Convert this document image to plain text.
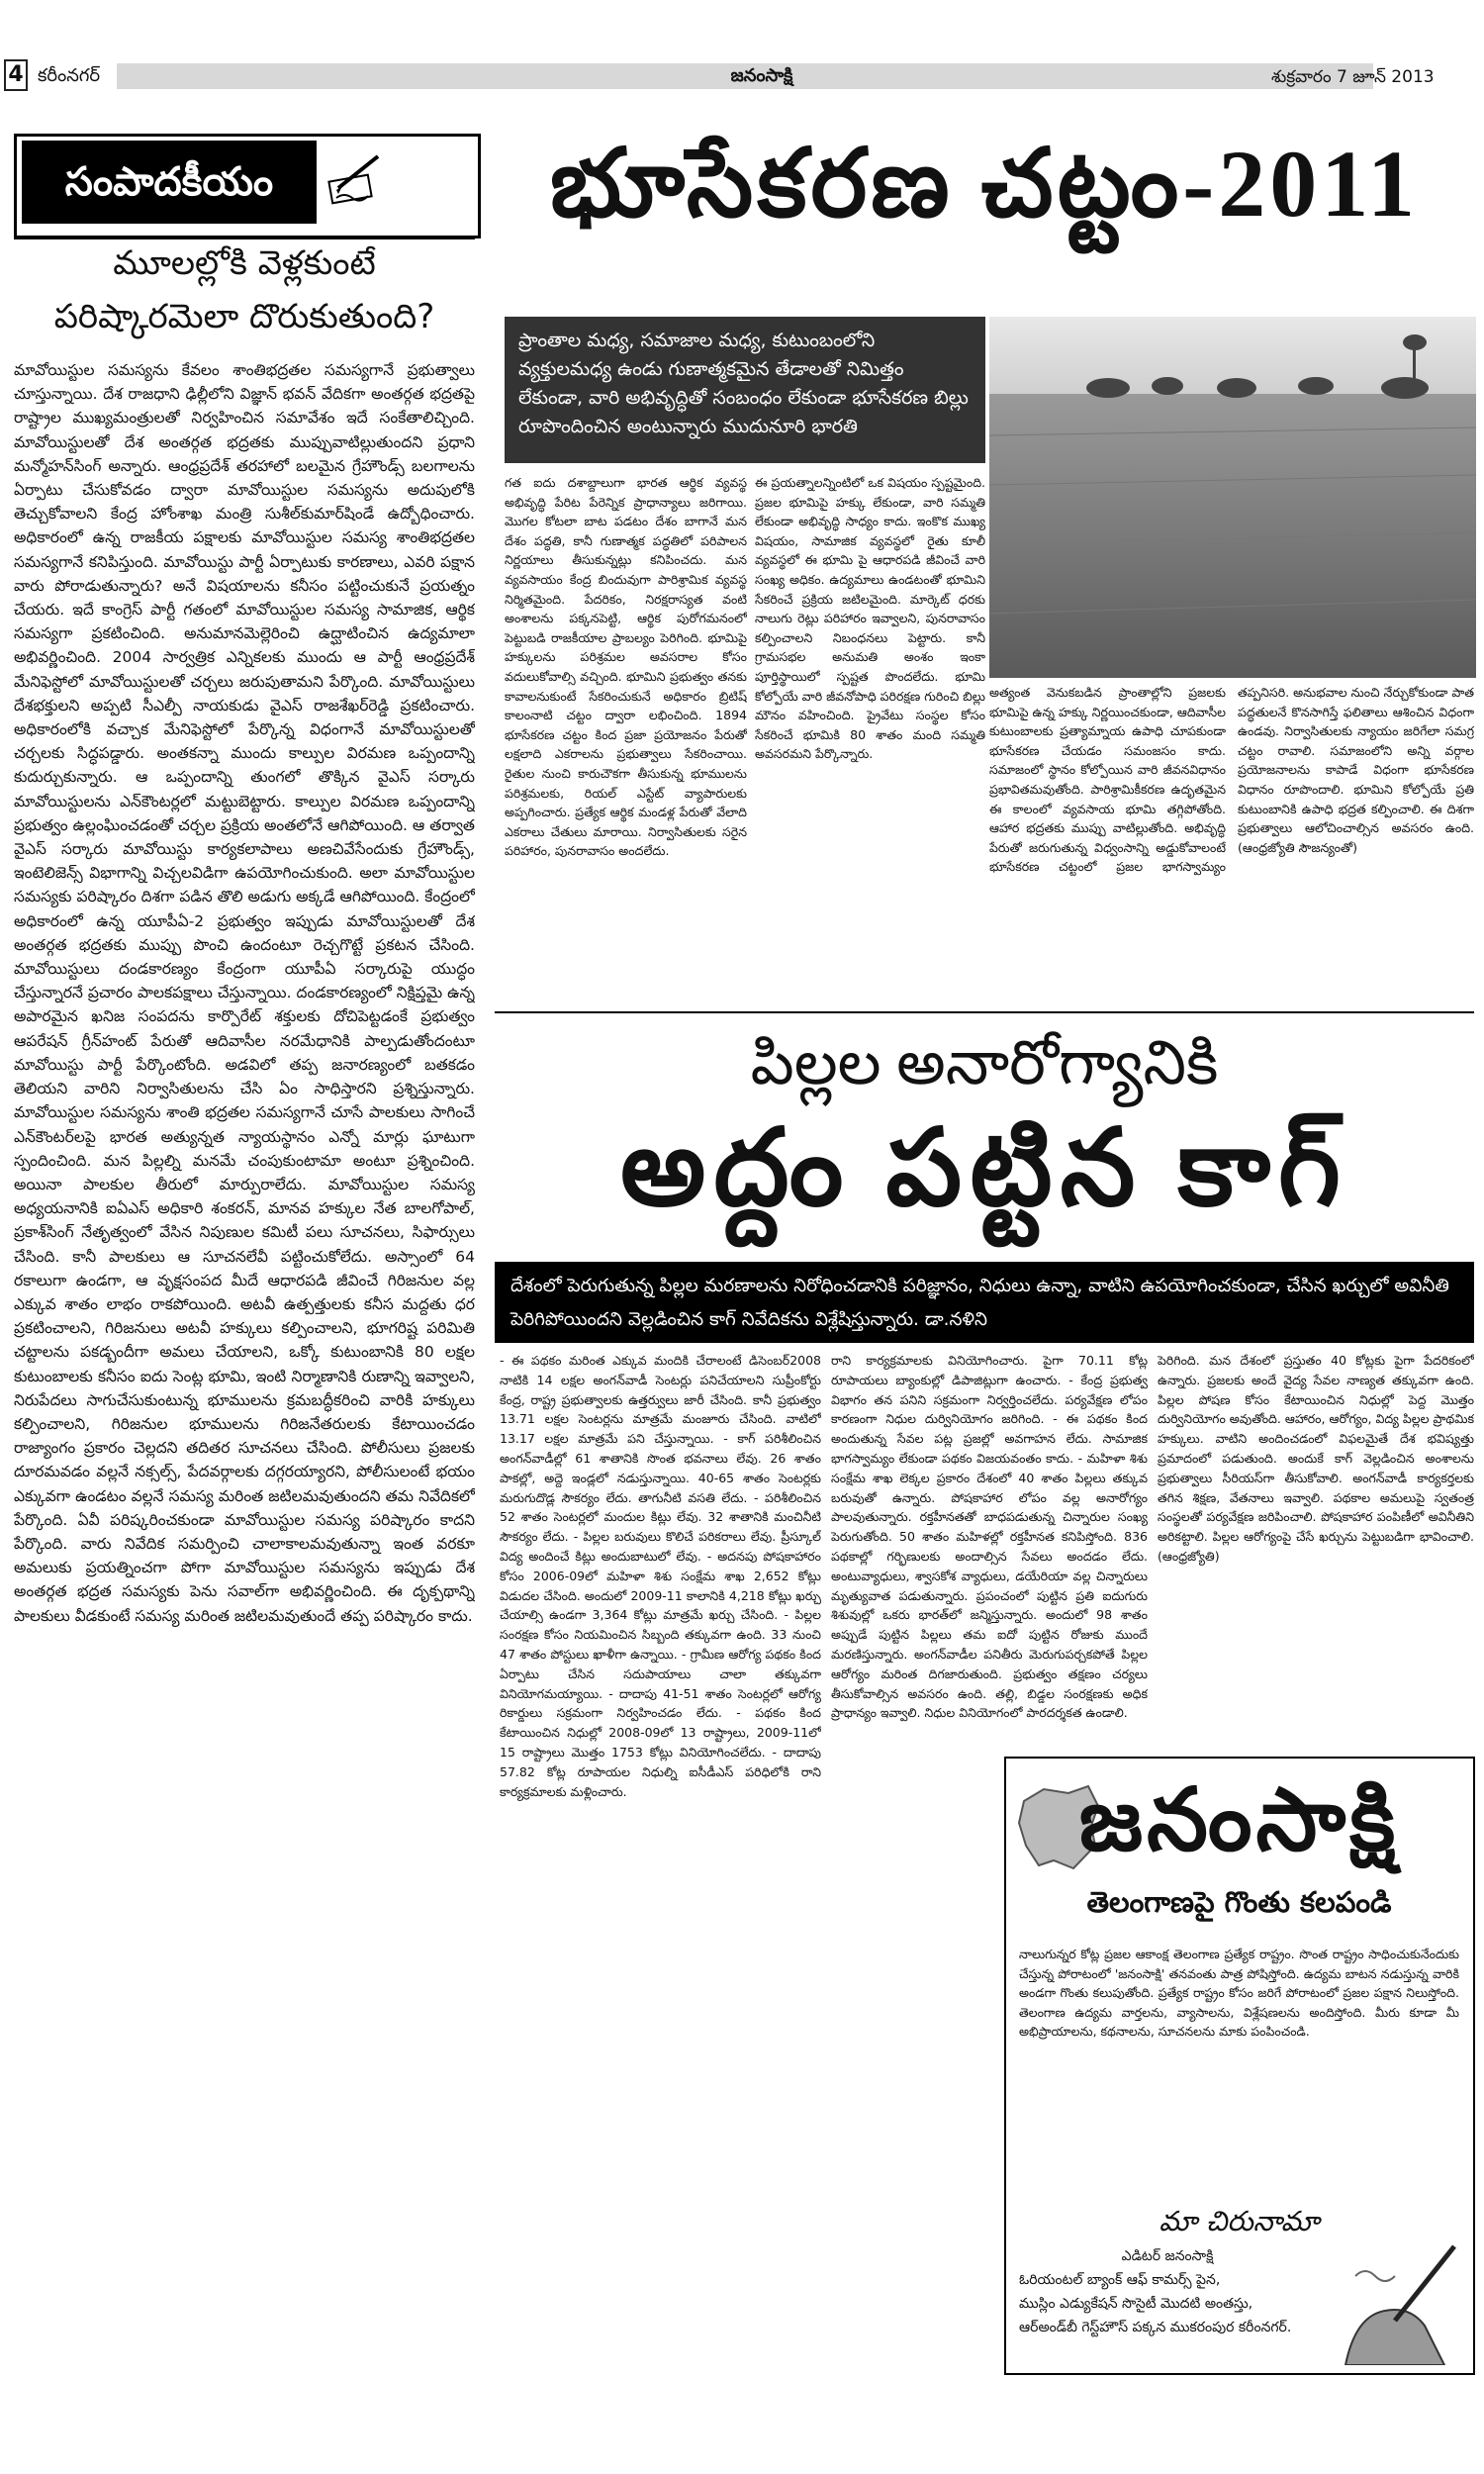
4 కరీంనగర్	జనంసాక్షి	శుక్రవారం 7 జూన్ 2013
సంపాదకీయం
మూలల్లోకి వెళ్లకుంటే
పరిష్కారమెలా దొరుకుతుంది?
మావోయిస్టుల సమస్యను కేవలం శాంతిభద్రతల సమస్యగానే ప్రభుత్వాలు చూస్తున్నాయి. దేశ రాజధాని ఢిల్లీలోని విజ్ఞాన్ భవన్ వేదికగా అంతర్గత భద్రతపై రాష్ట్రాల ముఖ్యమంత్రులతో నిర్వహించిన సమావేశం ఇదే సంకేతాలిచ్చింది. మావోయిస్టులతో దేశ అంతర్గత భద్రతకు ముప్పువాటిల్లుతుందని ప్రధాని మన్మోహన్‌సింగ్ అన్నారు. ఆంధ్రప్రదేశ్ తరహాలో బలమైన గ్రేహౌండ్స్ బలగాలను ఏర్పాటు చేసుకోవడం ద్వారా మావోయిస్టుల సమస్యను అదుపులోకి తెచ్చుకోవాలని కేంద్ర హోంశాఖ మంత్రి సుశీల్‌కుమార్‌షిండే ఉద్బోధించారు. అధికారంలో ఉన్న రాజకీయ పక్షాలకు మావోయిస్టుల సమస్య శాంతిభద్రతల సమస్యగానే కనిపిస్తుంది. మావోయిస్టు పార్టీ ఏర్పాటుకు కారణాలు, ఎవరి పక్షాన వారు పోరాడుతున్నారు? అనే విషయాలను కనీసం పట్టించుకునే ప్రయత్నం చేయరు. ఇదే కాంగ్రెస్ పార్టీ గతంలో మావోయిస్టుల సమస్య సామాజిక, ఆర్థిక సమస్యగా ప్రకటించింది. అనుమానమెల్లెరించి ఉద్ఘాటించిన ఉద్యమాలా అభివర్ణించింది. 2004 సార్వత్రిక ఎన్నికలకు ముందు ఆ పార్టీ ఆంధ్రప్రదేశ్ మేనిఫెస్టోలో మావోయిస్టులతో చర్చలు జరుపుతామని పేర్కొంది. మావోయిస్టులు దేశభక్తులని అప్పటి సీఎల్పీ నాయకుడు వైఎస్ రాజశేఖర్‌రెడ్డి ప్రకటించారు. అధికారంలోకి వచ్చాక మేనిఫెస్టోలో పేర్కొన్న విధంగానే మావోయిస్టులతో చర్చలకు సిద్ధపడ్డారు. అంతకన్నా ముందు కాల్పుల విరమణ ఒప్పందాన్ని కుదుర్చుకున్నారు. ఆ ఒప్పందాన్ని తుంగలో తొక్కిన వైఎస్ సర్కారు మావోయిస్టులను ఎన్‌కౌంటర్లలో మట్టుబెట్టారు. కాల్పుల విరమణ ఒప్పందాన్ని ప్రభుత్వం ఉల్లంఘించడంతో చర్చల ప్రక్రియ అంతలోనే ఆగిపోయింది. ఆ తర్వాత వైఎస్ సర్కారు మావోయిస్టు కార్యకలాపాలు అణచివేసేందుకు గ్రేహౌండ్స్, ఇంటెలిజెన్స్ విభాగాన్ని విచ్చలవిడిగా ఉపయోగించుకుంది. అలా మావోయిస్టుల సమస్యకు పరిష్కారం దిశగా పడిన తొలి అడుగు అక్కడే ఆగిపోయింది. కేంద్రంలో అధికారంలో ఉన్న యూపీఏ-2 ప్రభుత్వం ఇప్పుడు మావోయిస్టులతో దేశ అంతర్గత భద్రతకు ముప్పు పొంచి ఉందంటూ రెచ్చగొట్టే ప్రకటన చేసింది. మావోయిస్టులు దండకారణ్యం కేంద్రంగా యూపీఏ సర్కారుపై యుద్ధం చేస్తున్నారనే ప్రచారం పాలకపక్షాలు చేస్తున్నాయి. దండకారణ్యంలో నిక్షిప్తమై ఉన్న అపారమైన ఖనిజ సంపదను కార్పొరేట్ శక్తులకు దోచిపెట్టడంకే ప్రభుత్వం ఆపరేషన్ గ్రీన్‌హంట్ పేరుతో ఆదివాసీల నరమేధానికి పాల్పడుతోందంటూ మావోయిస్టు పార్టీ పేర్కొంటోంది. అడవిలో తప్ప జనారణ్యంలో బతకడం తెలియని వారిని నిర్వాసితులను చేసి ఏం సాధిస్తారని ప్రశ్నిస్తున్నారు. మావోయిస్టుల సమస్యను శాంతి భద్రతల సమస్యగానే చూసే పాలకులు సాగించే ఎన్‌కౌంటర్‌లపై భారత అత్యున్నత న్యాయస్థానం ఎన్నో మార్లు ఘాటుగా స్పందించింది. మన పిల్లల్ని మనమే చంపుకుంటామా అంటూ ప్రశ్నించింది. అయినా పాలకుల తీరులో మార్పురాలేదు. మావోయిస్టుల సమస్య అధ్యయనానికి ఐఏఎస్ అధికారి శంకరన్, మానవ హక్కుల నేత బాలగోపాల్, ప్రకాశ్‌సింగ్ నేతృత్వంలో వేసిన నిపుణుల కమిటీ పలు సూచనలు, సిఫార్సులు చేసింది. కానీ పాలకులు ఆ సూచనలేవీ పట్టించుకోలేదు. అస్సాంలో 64 రకాలుగా ఉండగా, ఆ వృక్షసంపద మీదే ఆధారపడి జీవించే గిరిజనుల వల్ల ఎక్కువ శాతం లాభం రాకపోయింది. అటవీ ఉత్పత్తులకు కనీస మద్దతు ధర ప్రకటించాలని, గిరిజనులు అటవీ హక్కులు కల్పించాలని, భూగరిష్ట పరిమితి చట్టాలను పకడ్బందీగా అమలు చేయాలని, ఒక్కో కుటుంబానికి 80 లక్షల కుటుంబాలకు కనీసం ఐదు సెంట్ల భూమి, ఇంటి నిర్మాణానికి రుణాన్ని ఇవ్వాలని, నిరుపేదలు సాగుచేసుకుంటున్న భూములను క్రమబద్ధీకరించి వారికి హక్కులు కల్పించాలని, గిరిజనుల భూములను గిరిజనేతరులకు కేటాయించడం రాజ్యాంగం ప్రకారం చెల్లదని తదితర సూచనలు చేసింది. పోలీసులు ప్రజలకు దూరమవడం వల్లనే నక్సల్స్, పేదవర్గాలకు దగ్గరయ్యారని, పోలీసులంటే భయం ఎక్కువగా ఉండటం వల్లనే సమస్య మరింత జటిలమవుతుందని తమ నివేదికలో పేర్కొంది. ఏవీ పరిష్కరించకుండా మావోయిస్టుల సమస్య పరిష్కారం కాదని పేర్కొంది. వారు నివేదిక సమర్పించి చాలాకాలమవుతున్నా ఇంత వరకూ అమలుకు ప్రయత్నించగా పోగా మావోయిస్టుల సమస్యను ఇప్పుడు దేశ అంతర్గత భద్రత సమస్యకు పెను సవాల్‌గా అభివర్ణించింది. ఈ దృక్పథాన్ని పాలకులు వీడకుంటే సమస్య మరింత జటిలమవుతుందే తప్ప పరిష్కారం కాదు.
భూసేకరణ చట్టం-2011
ప్రాంతాల మధ్య, సమాజాల మధ్య, కుటుంబంలోని వ్యక్తులమధ్య ఉండు గుణాత్మకమైన తేడాలతో నిమిత్తం లేకుండా, వారి అభివృద్ధితో సంబంధం లేకుండా భూసేకరణ బిల్లు రూపొందించిన అంటున్నారు ముదునూరి భారతి
గత ఐదు దశాబ్దాలుగా భారత ఆర్థిక వ్యవస్థ అభివృద్ధి పేరిట పేరెన్నిక ప్రాధాన్యాలు జరిగాయి. మొగల కోటలా బాట పడటం దేశం బాగానే మన దేశం పద్ధతి, కానీ గుణాత్మక పద్ధతిలో పరిపాలన నిర్ణయాలు తీసుకున్నట్లు కనిపించదు. మన వ్యవసాయం కేంద్ర బిందువుగా పారిశ్రామిక వ్యవస్థ నిర్మితమైంది. పేదరికం, నిరక్షరాస్యత వంటి అంశాలను పక్కనపెట్టి, ఆర్థిక పురోగమనంలో పెట్టుబడి రాజకీయాల ప్రాబల్యం పెరిగింది. భూమిపై హక్కులను పరిశ్రమల అవసరాల కోసం వదులుకోవాల్సి వచ్చింది. భూమిని ప్రభుత్వం తనకు కావాలనుకుంటే సేకరించుకునే అధికారం బ్రిటిష్ కాలంనాటి చట్టం ద్వారా లభించింది. 1894 భూసేకరణ చట్టం కింద ప్రజా ప్రయోజనం పేరుతో లక్షలాది ఎకరాలను ప్రభుత్వాలు సేకరించాయి. రైతుల నుంచి కారుచౌకగా తీసుకున్న భూములను పరిశ్రమలకు, రియల్ ఎస్టేట్ వ్యాపారులకు అప్పగించారు. ప్రత్యేక ఆర్థిక మండళ్ల పేరుతో వేలాది ఎకరాలు చేతులు మారాయి. నిర్వాసితులకు సరైన పరిహారం, పునరావాసం అందలేదు.
ఈ ప్రయత్నాలన్నింటిలో ఒక విషయం స్పష్టమైంది. ప్రజల భూమిపై హక్కు లేకుండా, వారి సమ్మతి లేకుండా అభివృద్ధి సాధ్యం కాదు. ఇంకొక ముఖ్య విషయం, సామాజిక వ్యవస్థలో రైతు కూలీ వ్యవస్థలో ఈ భూమి పై ఆధారపడి జీవించే వారి సంఖ్య అధికం. ఉద్యమాలు ఉండటంతో భూమిని సేకరించే ప్రక్రియ జటిలమైంది. మార్కెట్ ధరకు నాలుగు రెట్లు పరిహారం ఇవ్వాలని, పునరావాసం కల్పించాలని నిబంధనలు పెట్టారు. కానీ గ్రామసభల అనుమతి అంశం ఇంకా పూర్తిస్థాయిలో స్పష్టత పొందలేదు. భూమి కోల్పోయే వారి జీవనోపాధి పరిరక్షణ గురించి బిల్లు మౌనం వహించింది. ప్రైవేటు సంస్థల కోసం సేకరించే భూమికి 80 శాతం మంది సమ్మతి అవసరమని పేర్కొన్నారు.
అత్యంత వెనుకబడిన ప్రాంతాల్లోని ప్రజలకు భూమిపై ఉన్న హక్కు నిర్ణయించకుండా, ఆదివాసీల కుటుంబాలకు ప్రత్యామ్నాయ ఉపాధి చూపకుండా భూసేకరణ చేయడం సమంజసం కాదు. సమాజంలో స్థానం కోల్పోయిన వారి జీవనవిధానం ప్రభావితమవుతోంది. పారిశ్రామికీకరణ ఉదృతమైన ఈ కాలంలో వ్యవసాయ భూమి తగ్గిపోతోంది. ఆహార భద్రతకు ముప్పు వాటిల్లుతోంది. అభివృద్ధి పేరుతో జరుగుతున్న విధ్వంసాన్ని అడ్డుకోవాలంటే భూసేకరణ చట్టంలో ప్రజల భాగస్వామ్యం తప్పనిసరి. అనుభవాల నుంచి నేర్చుకోకుండా పాత పద్ధతులనే కొనసాగిస్తే ఫలితాలు ఆశించిన విధంగా ఉండవు. నిర్వాసితులకు న్యాయం జరిగేలా సమగ్ర చట్టం రావాలి. సమాజంలోని అన్ని వర్గాల ప్రయోజనాలను కాపాడే విధంగా భూసేకరణ విధానం రూపొందాలి. భూమిని కోల్పోయే ప్రతి కుటుంబానికి ఉపాధి భద్రత కల్పించాలి. ఈ దిశగా ప్రభుత్వాలు ఆలోచించాల్సిన అవసరం ఉంది. (ఆంధ్రజ్యోతి సౌజన్యంతో)
పిల్లల అనారోగ్యానికి
అద్దం పట్టిన కాగ్
దేశంలో పెరుగుతున్న పిల్లల మరణాలను నిరోధించడానికి పరిజ్ఞానం, నిధులు ఉన్నా, వాటిని ఉపయోగించకుండా, చేసిన ఖర్చులో అవినీతి పెరిగిపోయిందని వెల్లడించిన కాగ్ నివేదికను విశ్లేషిస్తున్నారు. డా.నళిని
- ఈ పథకం మరింత ఎక్కువ మందికి చేరాలంటే డిసెంబర్2008 నాటికి 14 లక్షల అంగన్‌వాడీ సెంటర్లు పనిచేయాలని సుప్రీంకోర్టు కేంద్ర, రాష్ట్ర ప్రభుత్వాలకు ఉత్తర్వులు జారీ చేసింది. కానీ ప్రభుత్వం 13.71 లక్షల సెంటర్లను మాత్రమే మంజూరు చేసింది. వాటిలో 13.17 లక్షల మాత్రమే పని చేస్తున్నాయి. - కాగ్ పరిశీలించిన అంగన్‌వాడీల్లో 61 శాతానికి సొంత భవనాలు లేవు. 26 శాతం పాకల్లో, అద్దె ఇండ్లలో నడుస్తున్నాయి. 40-65 శాతం సెంటర్లకు మరుగుదొడ్ల సౌకర్యం లేదు. తాగునీటి వసతి లేదు. - పరిశీలించిన 52 శాతం సెంటర్లలో మందుల కిట్లు లేవు. 32 శాతానికి మంచినీటి సౌకర్యం లేదు. - పిల్లల బరువులు కొలిచే పరికరాలు లేవు. ప్రీస్కూల్ విద్య అందించే కిట్లు అందుబాటులో లేవు. - అదనపు పోషకాహారం కోసం 2006-09లో మహిళా శిశు సంక్షేమ శాఖ 2,652 కోట్లు విడుదల చేసింది. అందులో 2009-11 కాలానికి 4,218 కోట్లు ఖర్చు చేయాల్సి ఉండగా 3,364 కోట్లు మాత్రమే ఖర్చు చేసింది. - పిల్లల సంరక్షణ కోసం నియమించిన సిబ్బంది తక్కువగా ఉంది. 33 నుంచి 47 శాతం పోస్టులు ఖాళీగా ఉన్నాయి. - గ్రామీణ ఆరోగ్య పథకం కింద ఏర్పాటు చేసిన సదుపాయాలు చాలా తక్కువగా వినియోగమయ్యాయి. - దాదాపు 41-51 శాతం సెంటర్లలో ఆరోగ్య రికార్డులు సక్రమంగా నిర్వహించడం లేదు. - పథకం కింద కేటాయించిన నిధుల్లో 2008-09లో 13 రాష్ట్రాలు, 2009-11లో 15 రాష్ట్రాలు మొత్తం 1753 కోట్లు వినియోగించలేదు. - దాదాపు 57.82 కోట్ల రూపాయల నిధుల్ని ఐసీడీఎస్ పరిధిలోకి రాని కార్యక్రమాలకు మళ్లించారు.
రాని కార్యక్రమాలకు వినియోగించారు. పైగా 70.11 కోట్ల రూపాయలు బ్యాంకుల్లో డిపాజిట్లుగా ఉంచారు. - కేంద్ర ప్రభుత్వ విభాగం తన పనిని సక్రమంగా నిర్వర్తించలేదు. పర్యవేక్షణ లోపం కారణంగా నిధుల దుర్వినియోగం జరిగింది. - ఈ పథకం కింద అందుతున్న సేవల పట్ల ప్రజల్లో అవగాహన లేదు. సామాజిక భాగస్వామ్యం లేకుండా పథకం విజయవంతం కాదు. - మహిళా శిశు సంక్షేమ శాఖ లెక్కల ప్రకారం దేశంలో 40 శాతం పిల్లలు తక్కువ బరువుతో ఉన్నారు. పోషకాహార లోపం వల్ల అనారోగ్యం పాలవుతున్నారు. రక్తహీనతతో బాధపడుతున్న చిన్నారుల సంఖ్య పెరుగుతోంది. 50 శాతం మహిళల్లో రక్తహీనత కనిపిస్తోంది. 836 పథకాల్లో గర్భిణులకు అందాల్సిన సేవలు అందడం లేదు. అంటువ్యాధులు, శ్వాసకోశ వ్యాధులు, డయేరియా వల్ల చిన్నారులు మృత్యువాత పడుతున్నారు. ప్రపంచంలో పుట్టిన ప్రతి ఐదుగురు శిశువుల్లో ఒకరు భారత్‌లో జన్మిస్తున్నారు. అందులో 98 శాతం అప్పుడే పుట్టిన పిల్లలు తమ ఐదో పుట్టిన రోజుకు ముందే మరణిస్తున్నారు. అంగన్‌వాడీల పనితీరు మెరుగుపర్చకపోతే పిల్లల ఆరోగ్యం మరింత దిగజారుతుంది. ప్రభుత్వం తక్షణం చర్యలు తీసుకోవాల్సిన అవసరం ఉంది. తల్లి, బిడ్డల సంరక్షణకు అధిక ప్రాధాన్యం ఇవ్వాలి. నిధుల వినియోగంలో పారదర్శకత ఉండాలి.
పెరిగింది. మన దేశంలో ప్రస్తుతం 40 కోట్లకు పైగా పేదరికంలో ఉన్నారు. ప్రజలకు అందే వైద్య సేవల నాణ్యత తక్కువగా ఉంది. పిల్లల పోషణ కోసం కేటాయించిన నిధుల్లో పెద్ద మొత్తం దుర్వినియోగం అవుతోంది. ఆహారం, ఆరోగ్యం, విద్య పిల్లల ప్రాథమిక హక్కులు. వాటిని అందించడంలో విఫలమైతే దేశ భవిష్యత్తు ప్రమాదంలో పడుతుంది. అందుకే కాగ్ వెల్లడించిన అంశాలను ప్రభుత్వాలు సీరియస్‌గా తీసుకోవాలి. అంగన్‌వాడీ కార్యకర్తలకు తగిన శిక్షణ, వేతనాలు ఇవ్వాలి. పథకాల అమలుపై స్వతంత్ర సంస్థలతో పర్యవేక్షణ జరిపించాలి. పోషకాహార పంపిణీలో అవినీతిని అరికట్టాలి. పిల్లల ఆరోగ్యంపై చేసే ఖర్చును పెట్టుబడిగా భావించాలి. (ఆంధ్రజ్యోతి)
జనంసాక్షి
తెలంగాణపై గొంతు కలపండి
నాలుగున్నర కోట్ల ప్రజల ఆకాంక్ష తెలంగాణ ప్రత్యేక రాష్ట్రం. సొంత రాష్ట్రం సాధించుకునేందుకు చేస్తున్న పోరాటంలో 'జనంసాక్షి' తనవంతు పాత్ర పోషిస్తోంది. ఉద్యమ బాటన నడుస్తున్న వారికి అండగా గొంతు కలుపుతోంది. ప్రత్యేక రాష్ట్రం కోసం జరిగే పోరాటంలో ప్రజల పక్షాన నిలుస్తోంది. తెలంగాణ ఉద్యమ వార్తలను, వ్యాసాలను, విశ్లేషణలను అందిస్తోంది. మీరు కూడా మీ అభిప్రాయాలను, కథనాలను, సూచనలను మాకు పంపించండి.
మా చిరునామా
ఎడిటర్ జనంసాక్షి
ఓరియంటల్ బ్యాంక్ ఆఫ్ కామర్స్ పైన,
ముస్లిం ఎడ్యుకేషన్ సొసైటీ మొదటి అంతస్తు,
ఆర్‌అండ్‌బీ గెస్ట్‌హౌస్ పక్కన ముకరంపుర కరీంనగర్.
